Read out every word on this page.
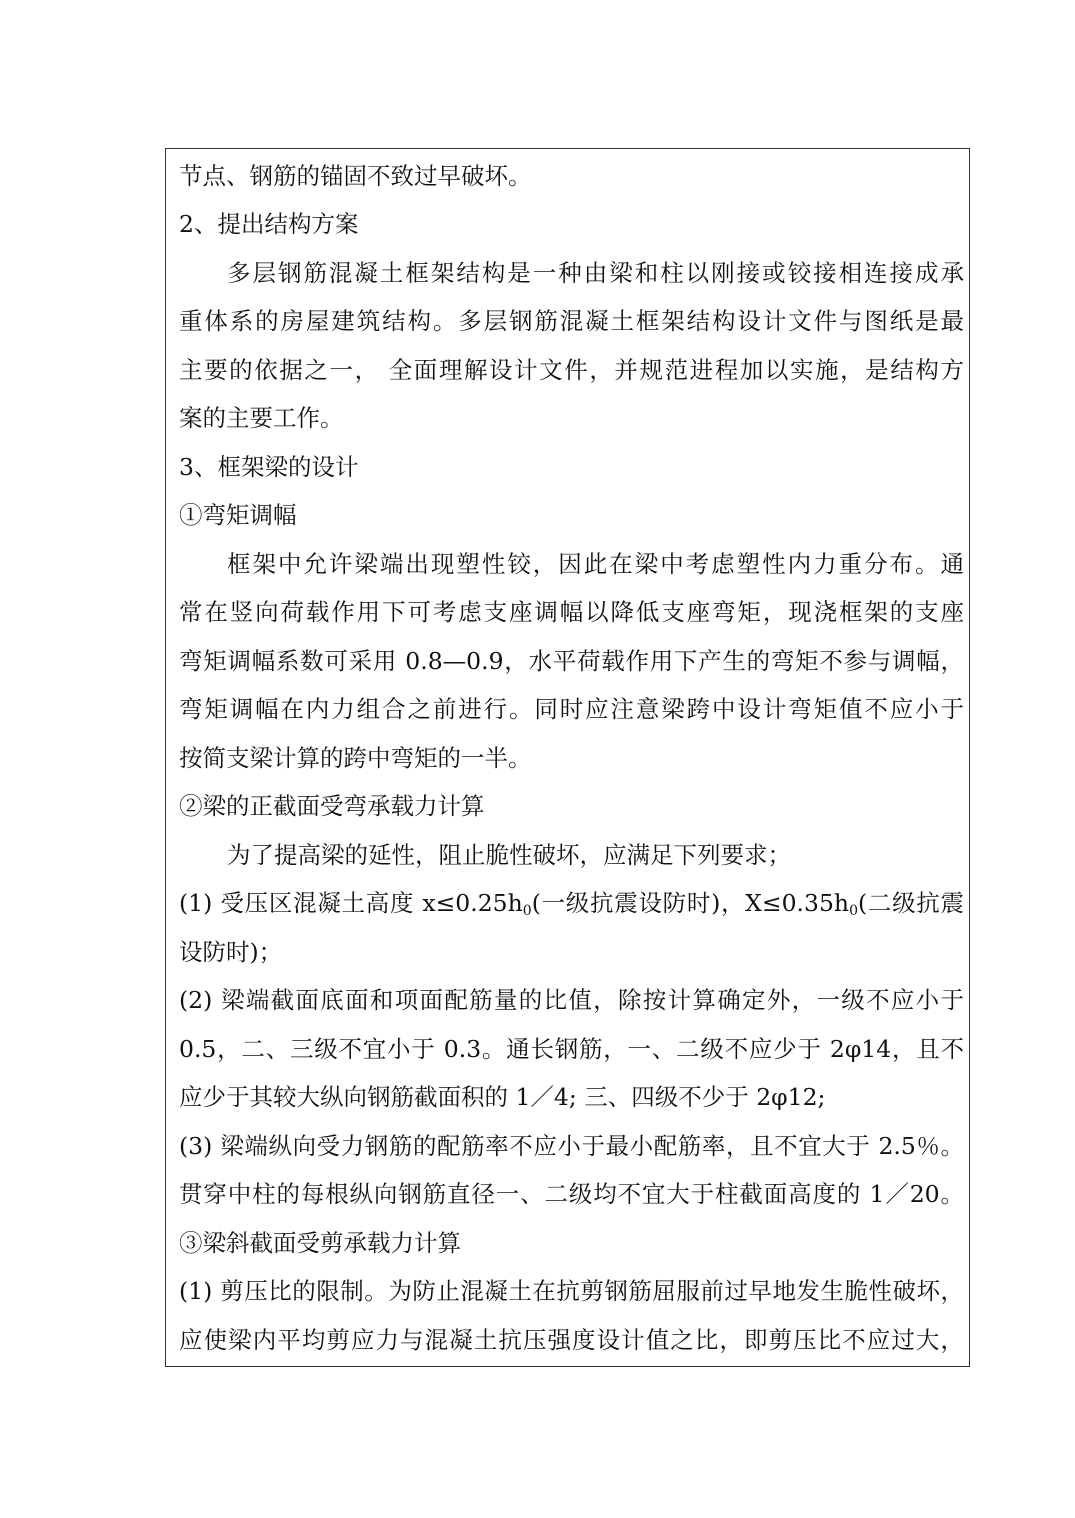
节点、钢筋的锚固不致过早破坏。
2、提出结构方案
多层钢筋混凝土框架结构是一种由梁和柱以刚接或铰接相连接成承
重体系的房屋建筑结构。多层钢筋混凝土框架结构设计文件与图纸是最
主要的依据之一， 全面理解设计文件，并规范进程加以实施，是结构方
案的主要工作。
3、框架梁的设计
①弯矩调幅
框架中允许梁端出现塑性铰，因此在梁中考虑塑性内力重分布。通
常在竖向荷载作用下可考虑支座调幅以降低支座弯矩，现浇框架的支座
弯矩调幅系数可采用 0.8—0.9，水平荷载作用下产生的弯矩不参与调幅，
弯矩调幅在内力组合之前进行。同时应注意梁跨中设计弯矩值不应小于
按简支梁计算的跨中弯矩的一半。
②梁的正截面受弯承载力计算
为了提高梁的延性，阻止脆性破坏，应满足下列要求；
(1) 受压区混凝土高度 $x\le 0.25h_0$(一级抗震设防时)，$X\le 0.35h_0$(二级抗震
设防时)；
(2) 梁端截面底面和项面配筋量的比值，除按计算确定外，一级不应小于
0.5，二、三级不宜小于 0.3。通长钢筋，一、二级不应少于 2φ14，且不
应少于其较大纵向钢筋截面积的 1／4; 三、四级不少于 2φ12;
(3) 梁端纵向受力钢筋的配筋率不应小于最小配筋率，且不宜大于 2.5％。
贯穿中柱的每根纵向钢筋直径一、二级均不宜大于柱截面高度的 1／20。
③梁斜截面受剪承载力计算
(1) 剪压比的限制。为防止混凝土在抗剪钢筋屈服前过早地发生脆性破坏，
应使梁内平均剪应力与混凝土抗压强度设计值之比，即剪压比不应过大，
